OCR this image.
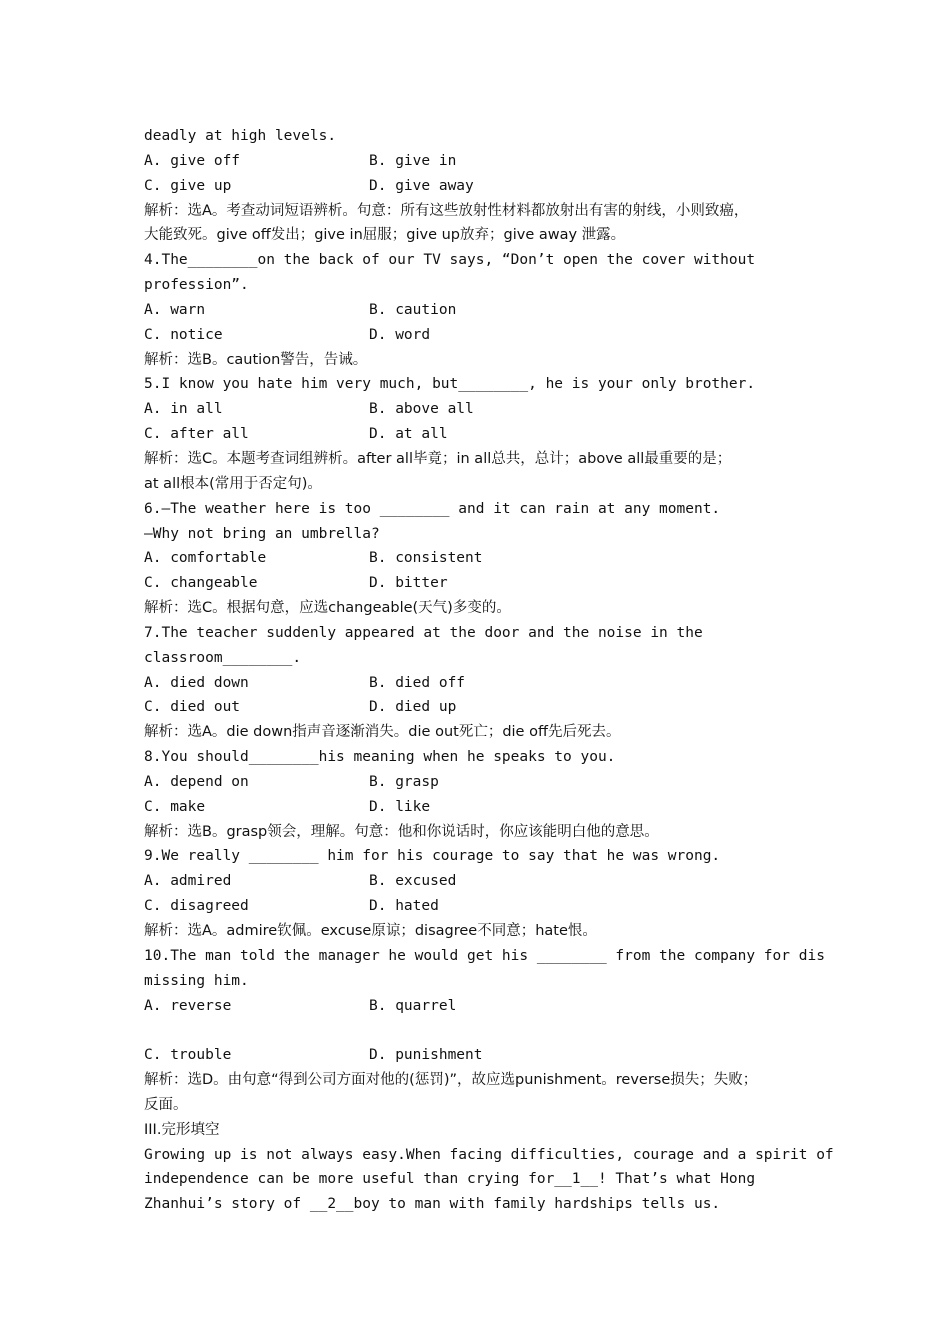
deadly at high levels.
A. give off	B. give in
C. give up	D. give away
解析：选A。考查动词短语辨析。句意：所有这些放射性材料都放射出有害的射线，小则致癌，
大能致死。give off发出；give in屈服；give up放弃；give away 泄露。
4.The________on the back of our TV says, “Don’t open the cover without
profession”.
A. warn	B. caution
C. notice	D. word
解析：选B。caution警告，告诫。
5.I know you hate him very much, but________, he is your only brother.
A. in all	B. above all
C. after all	D. at all
解析：选C。本题考查词组辨析。after all毕竟；in all总共，总计；above all最重要的是；
at all根本(常用于否定句)。
6.—The weather here is too ________ and it can rain at any moment.
—Why not bring an umbrella?
A. comfortable	B. consistent
C. changeable	D. bitter
解析：选C。根据句意，应选changeable(天气)多变的。
7.The teacher suddenly appeared at the door and the noise in the
classroom________.
A. died down	B. died off
C. died out	D. died up
解析：选A。die down指声音逐渐消失。die out死亡；die off先后死去。
8.You should________his meaning when he speaks to you.
A. depend on	B. grasp
C. make	D. like
解析：选B。grasp领会，理解。句意：他和你说话时，你应该能明白他的意思。
9.We really ________ him for his courage to say that he was wrong.
A. admired	B. excused
C. disagreed	D. hated
解析：选A。admire钦佩。excuse原谅；disagree不同意；hate恨。
10.The man told the manager he would get his ________ from the company for dis
missing him.
A. reverse	B. quarrel
C. trouble	D. punishment
解析：选D。由句意“得到公司方面对他的(惩罚)”，故应选punishment。reverse损失；失败；
反面。
III.完形填空
Growing up is not always easy.When facing difficulties, courage and a spirit of
independence can be more useful than crying for__1__! That’s what Hong
Zhanhui’s story of __2__boy to man with family hardships tells us.
